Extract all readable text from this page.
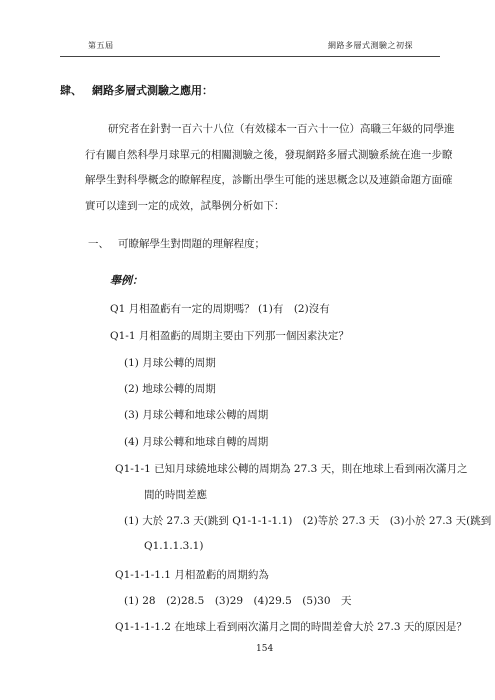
第五屆	網路多層式測驗之初探
肆、 網路多層式測驗之應用：
研究者在針對一百六十八位（有效樣本一百六十一位）高職三年級的同學進
行有關自然科學月球單元的相關測驗之後，發現網路多層式測驗系統在進一步瞭
解學生對科學概念的瞭解程度，診斷出學生可能的迷思概念以及連鎖命題方面確
實可以達到一定的成效，試舉例分析如下：
一、 可瞭解學生對問題的理解程度；
舉例：
Q1 月相盈虧有一定的周期嗎？ (1)有　(2)沒有
Q1-1 月相盈虧的周期主要由下列那一個因素決定？
(1) 月球公轉的周期
(2) 地球公轉的周期
(3) 月球公轉和地球公轉的周期
(4) 月球公轉和地球自轉的周期
Q1-1-1 已知月球繞地球公轉的周期為 27.3 天，則在地球上看到兩次滿月之
間的時間差應
(1) 大於 27.3 天(跳到 Q1-1-1-1.1)　(2)等於 27.3 天　(3)小於 27.3 天(跳到
Q1.1.1.3.1)
Q1-1-1-1.1 月相盈虧的周期約為
(1) 28　(2)28.5　(3)29　(4)29.5　(5)30　天
Q1-1-1-1.2 在地球上看到兩次滿月之間的時間差會大於 27.3 天的原因是？
154
